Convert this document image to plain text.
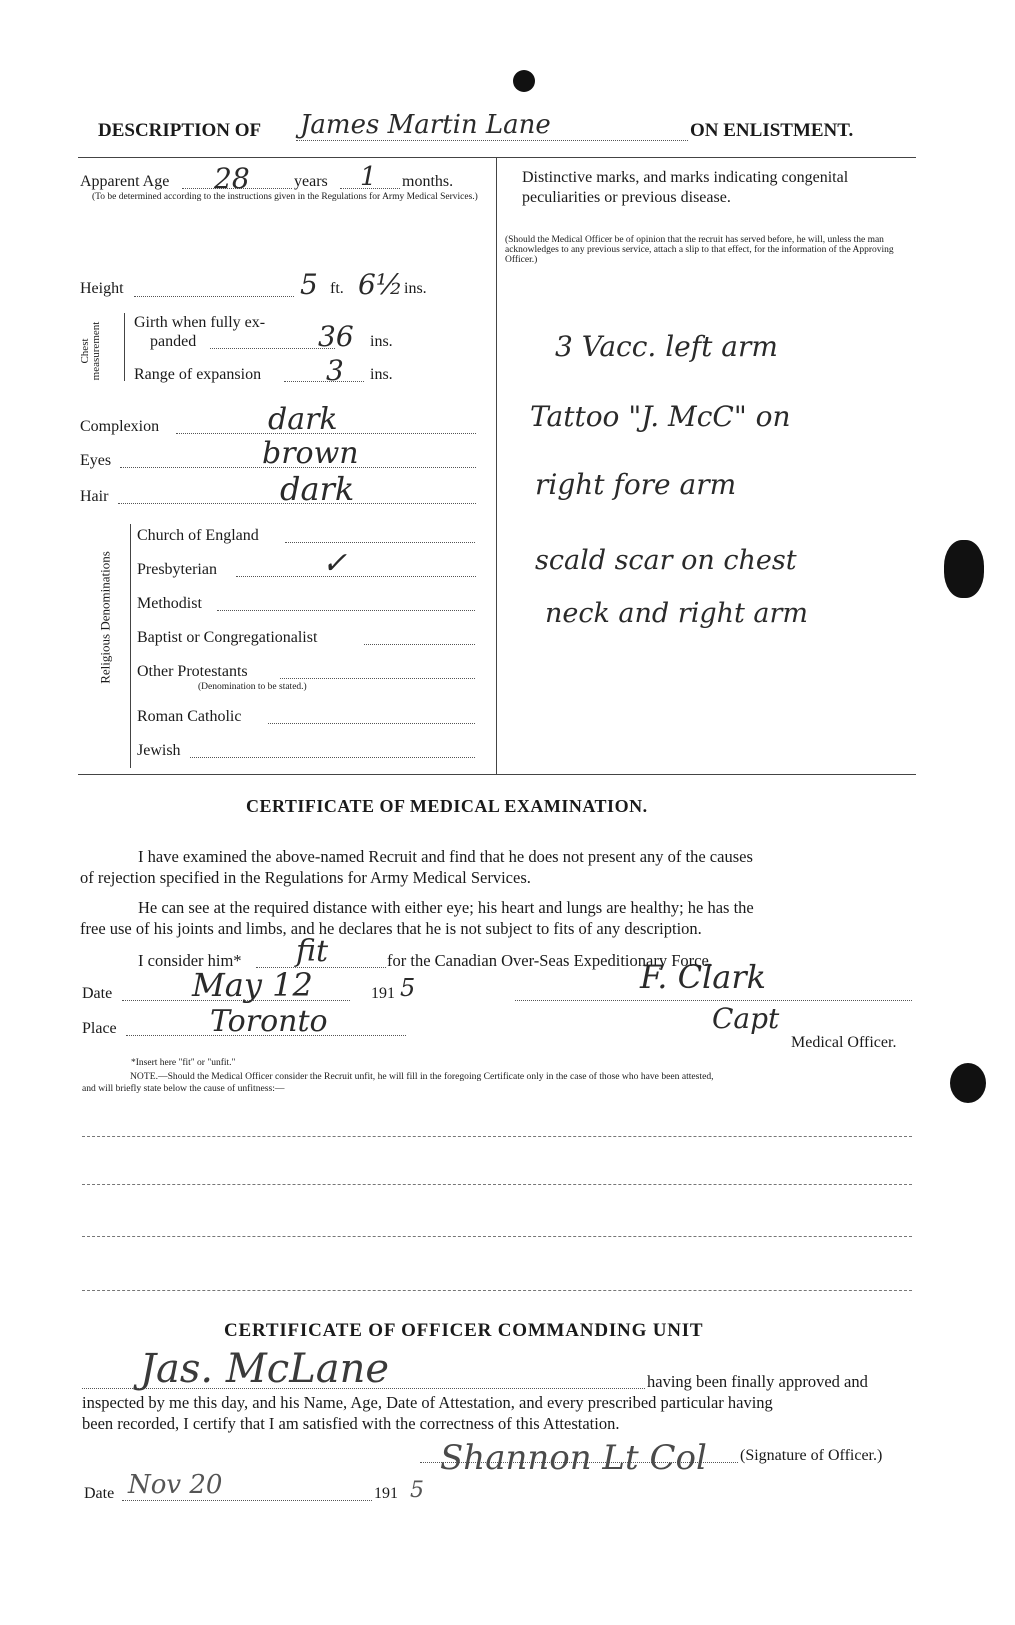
DESCRIPTION OF James Martin Lane	ON ENLISTMENT.
Apparent Age 28	years 1 months.
(To be determined according to the instructions given in the Regulations for Army Medical Services.)
Distinctive marks, and marks indicating congenital peculiarities or previous disease.
(Should the Medical Officer be of opinion that the recruit has served before, he will, unless the man acknowledges to any previous service, attach a slip to that effect, for the information of the Approving Officer.)
3 Vacc. left arm
Tattoo "J. McC" on
right fore arm
scald scar on chest
neck and right arm
Height	5 ft. 6½ ins.
Chest measurement Girth when fully ex-
panded	36 ins.
Range of expansion 3 ins.
Complexion	dark
Eyes	brown
Hair	dark
Religious Denominations
Church of England
Presbyterian	✓
Methodist
Baptist or Congregationalist
Other Protestants
(Denomination to be stated.)
Roman Catholic
Jewish
CERTIFICATE OF MEDICAL EXAMINATION.
I have examined the above-named Recruit and find that he does not present any of the causes
of rejection specified in the Regulations for Army Medical Services.
He can see at the required distance with either eye; his heart and lungs are healthy; he has the
free use of his joints and limbs, and he declares that he is not subject to fits of any description.
I consider him* fit	for the Canadian Over-Seas Expeditionary Force.
Date May 12	191 5	F. Clark
Place	Toronto	Capt
Medical Officer.
*Insert here "fit" or "unfit."
NOTE.—Should the Medical Officer consider the Recruit unfit, he will fill in the foregoing Certificate only in the case of those who have been attested,
and will briefly state below the cause of unfitness:—
CERTIFICATE OF OFFICER COMMANDING UNIT
Jas. McLane	having been finally approved and
inspected by me this day, and his Name, Age, Date of Attestation, and every prescribed particular having
been recorded, I certify that I am satisfied with the correctness of this Attestation.
Shannon Lt Col (Signature of Officer.)
Date Nov 20	191 5
